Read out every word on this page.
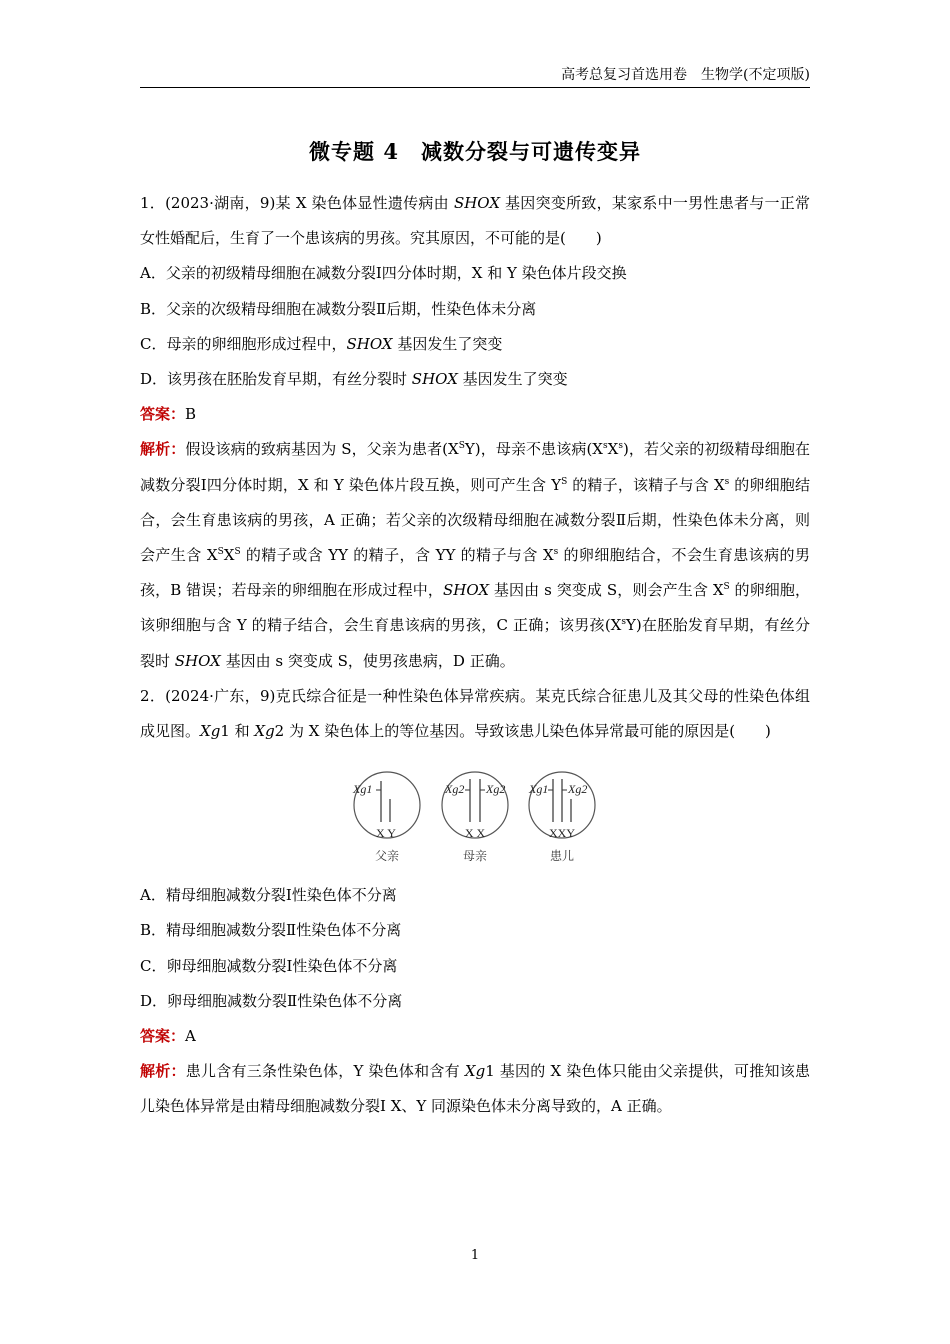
高考总复习首选用卷　生物学(不定项版)
微专题 4　减数分裂与可遗传变异

1．(2023·湖南，9)某 X 染色体显性遗传病由 SHOX 基因突变所致，某家系中一男性患者与一正常女性婚配后，生育了一个患该病的男孩。究其原因，不可能的是(　　)

A．父亲的初级精母细胞在减数分裂Ⅰ四分体时期，X 和 Y 染色体片段交换

B．父亲的次级精母细胞在减数分裂Ⅱ后期，性染色体未分离

C．母亲的卵细胞形成过程中，SHOX 基因发生了突变

D．该男孩在胚胎发育早期，有丝分裂时 SHOX 基因发生了突变

答案：B

解析：假设该病的致病基因为 S，父亲为患者$(X^SY)$，母亲不患该病$(X^sX^s)$，若父亲的初级精母细胞在减数分裂Ⅰ四分体时期，X 和 Y 染色体片段互换，则可产生含 $Y^S$ 的精子，该精子与含 $X^s$ 的卵细胞结合，会生育患该病的男孩，A 正确；若父亲的次级精母细胞在减数分裂Ⅱ后期，性染色体未分离，则会产生含 $X^SX^S$ 的精子或含 YY 的精子，含 YY 的精子与含 $X^s$ 的卵细胞结合，不会生育患该病的男孩，B 错误；若母亲的卵细胞在形成过程中，SHOX 基因由 s 突变成 S，则会产生含 $X^S$ 的卵细胞，该卵细胞与含 Y 的精子结合，会生育患该病的男孩，C 正确；该男孩$(X^sY)$在胚胎发育早期，有丝分裂时 SHOX 基因由 s 突变成 S，使男孩患病，D 正确。

2．(2024·广东，9)克氏综合征是一种性染色体异常疾病。某克氏综合征患儿及其父母的性染色体组成见图。Xg1 和 Xg2 为 X 染色体上的等位基因。导致该患儿染色体异常最可能的原因是(　　)

Xg1
X Y
父亲
Xg2 Xg2
X X
母亲
Xg1 Xg2
XXY
患儿

A．精母细胞减数分裂Ⅰ性染色体不分离

B．精母细胞减数分裂Ⅱ性染色体不分离

C．卵母细胞减数分裂Ⅰ性染色体不分离

D．卵母细胞减数分裂Ⅱ性染色体不分离

答案：A

解析：患儿含有三条性染色体，Y 染色体和含有 Xg1 基因的 X 染色体只能由父亲提供，可推知该患儿染色体异常是由精母细胞减数分裂Ⅰ X、Y 同源染色体未分离导致的，A 正确。

1
